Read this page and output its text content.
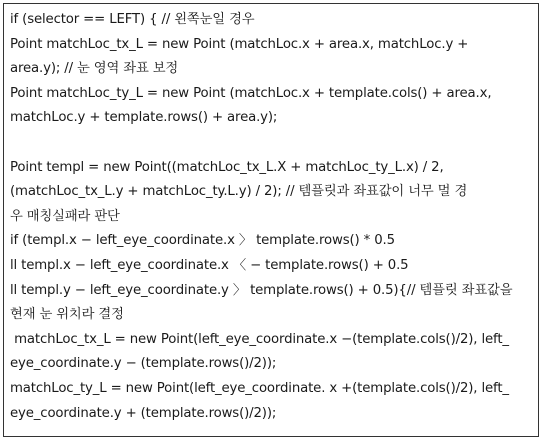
if (selector == LEFT) { // 왼쪽눈일 경우
Point matchLoc_tx_L = new Point (matchLoc.x + area.x, matchLoc.y +
area.y); // 눈 영역 좌표 보정
Point matchLoc_ty_L = new Point (matchLoc.x + template.cols() + area.x,
matchLoc.y + template.rows() + area.y);
Point templ = new Point((matchLoc_tx_L.X + matchLoc_ty_L.x) / 2,
(matchLoc_tx_L.y + matchLoc_ty.L.y) / 2); // 템플릿과 좌표값이 너무 멀 경
우 매칭실패라 판단
if (templ.x − left_eye_coordinate.x 〉 template.rows() * 0.5
ll templ.x − left_eye_coordinate.x 〈 − template.rows() + 0.5
ll templ.y − left_eye_coordinate.y 〉 template.rows() + 0.5){// 템플릿 좌표값을
현재 눈 위치라 결정
matchLoc_tx_L = new Point(left_eye_coordinate.x −(template.cols()/2), left_
eye_coordinate.y − (template.rows()/2));
matchLoc_ty_L = new Point(left_eye_coordinate. x +(template.cols()/2), left_
eye_coordinate.y + (template.rows()/2));
